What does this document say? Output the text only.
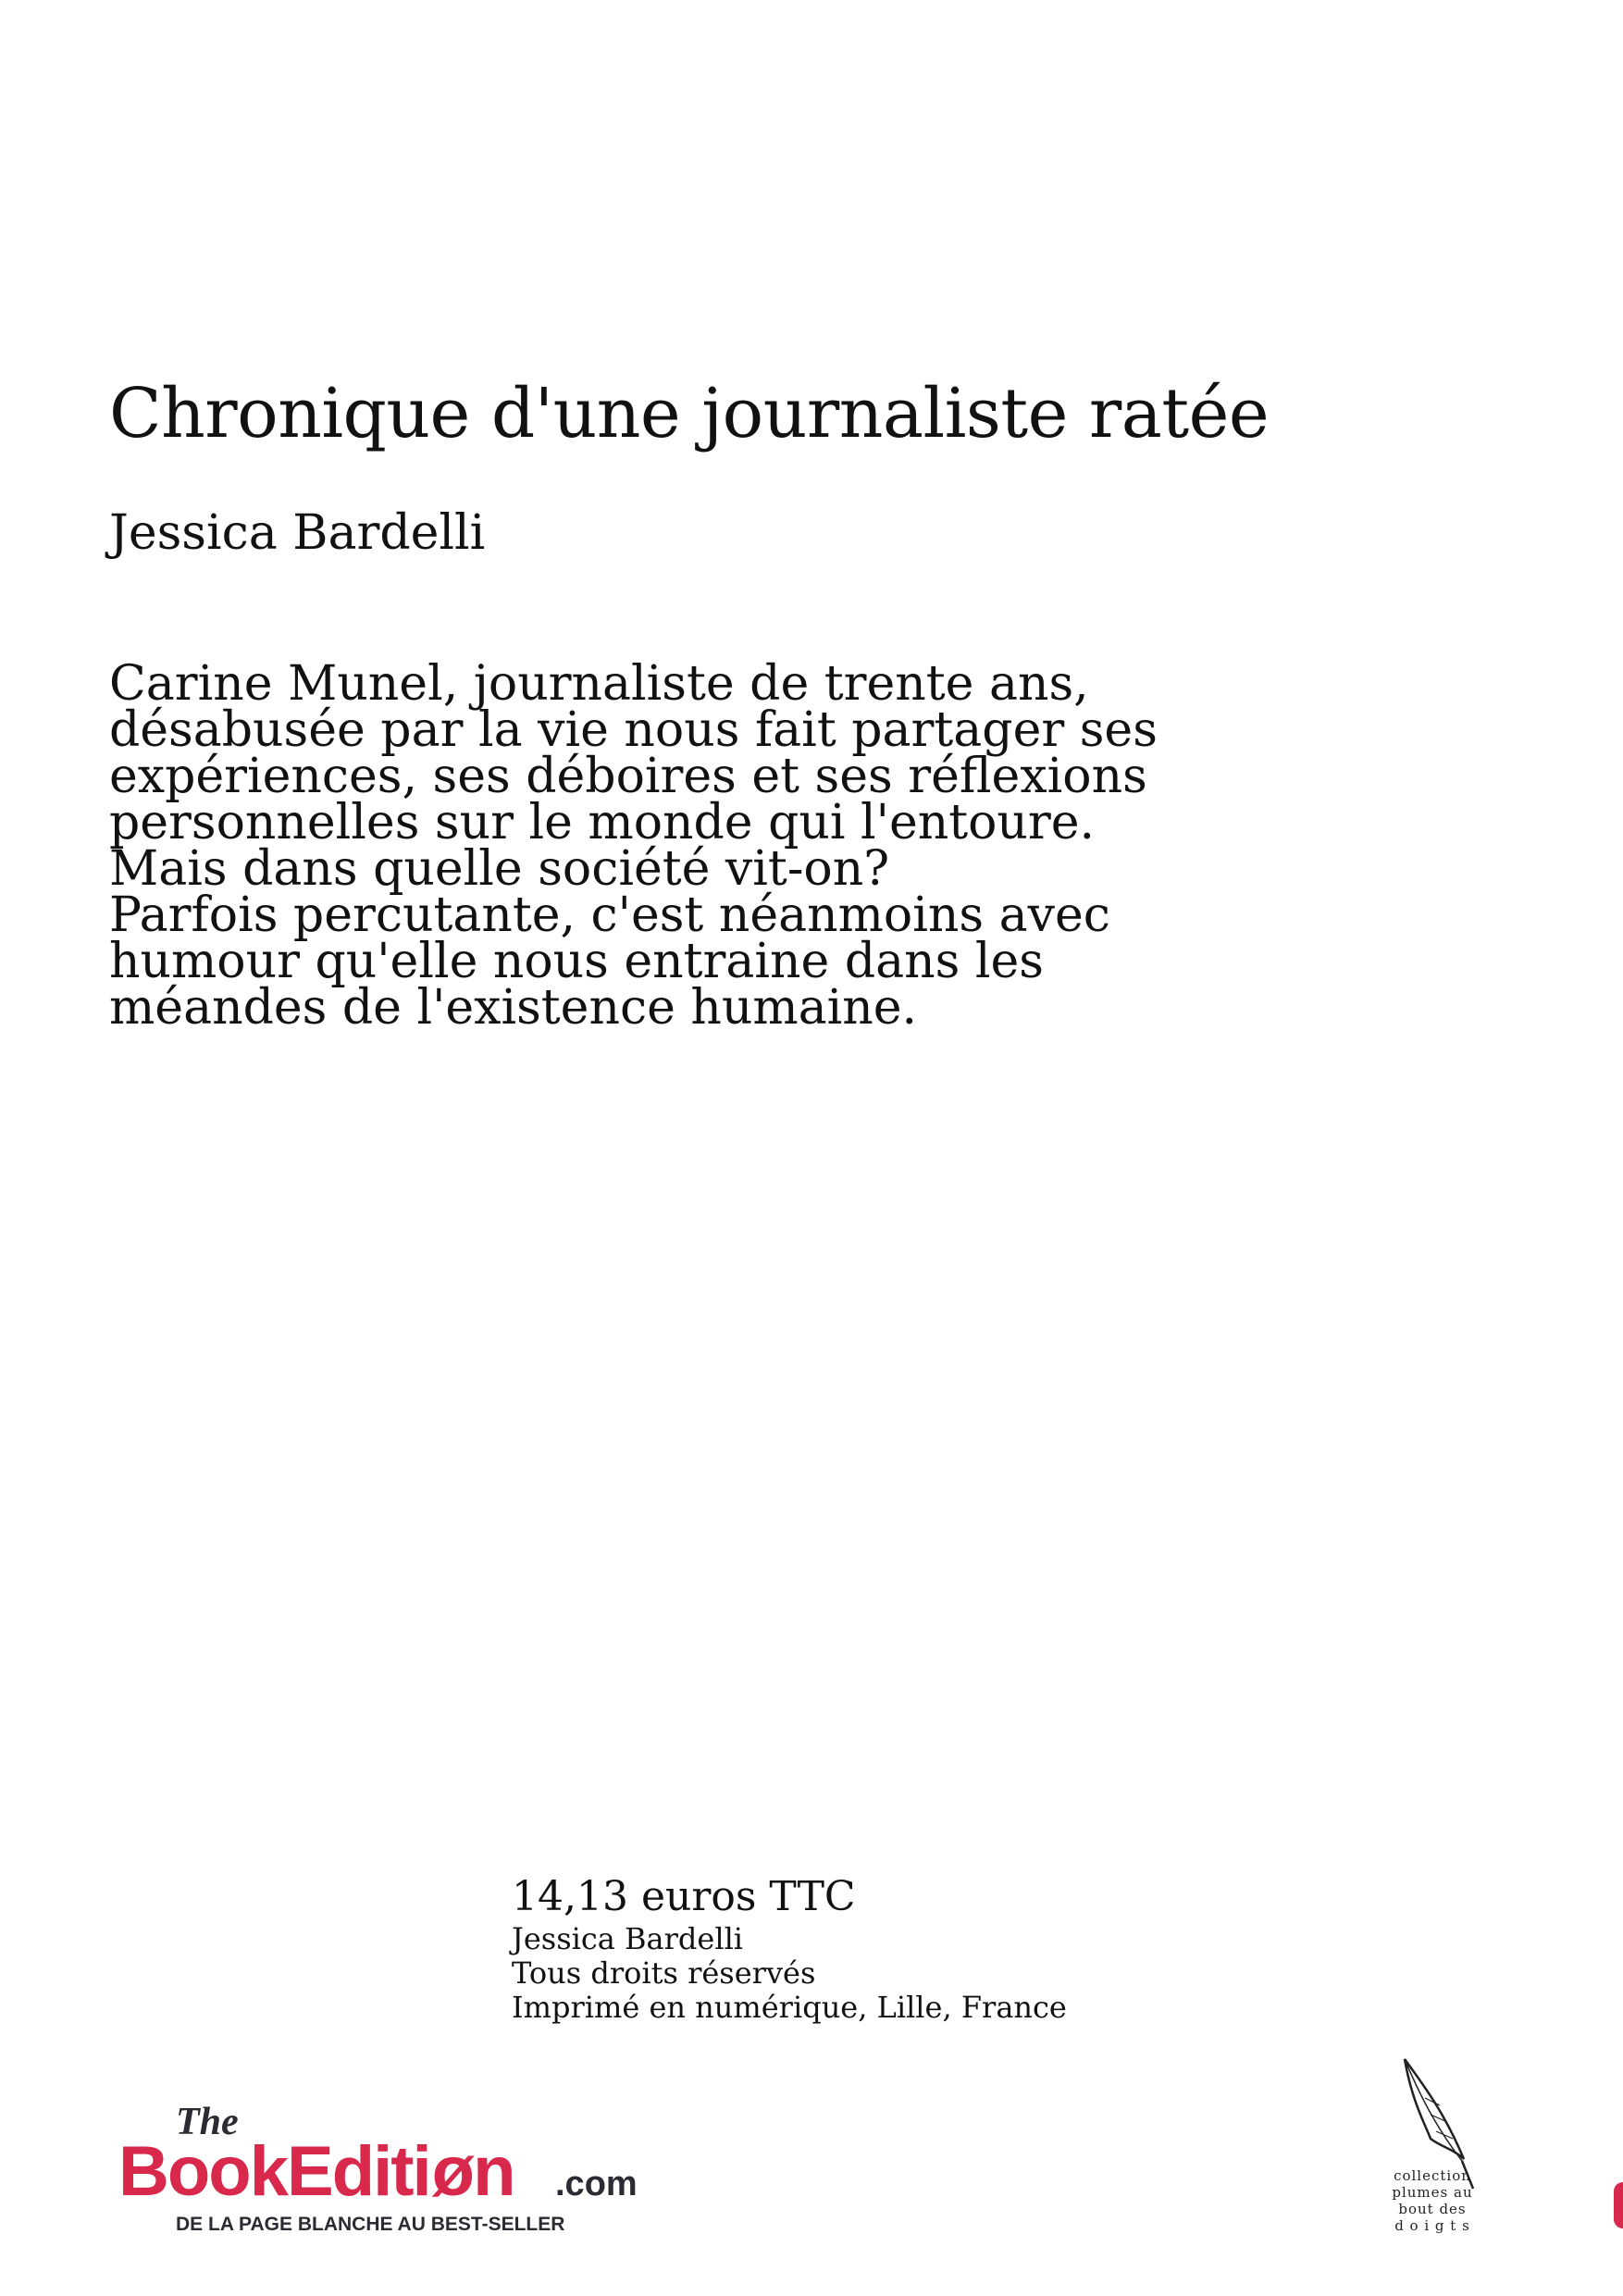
Chronique d'une journaliste ratée
Jessica Bardelli
Carine Munel, journaliste de trente ans,
désabusée par la vie nous fait partager ses
expériences, ses déboires et ses réflexions
personnelles sur le monde qui l'entoure.
Mais dans quelle société vit-on?
Parfois percutante, c'est néanmoins avec
humour qu'elle nous entraine dans les
méandes de l'existence humaine.
14,13 euros TTC
Jessica Bardelli
Tous droits réservés
Imprimé en numérique, Lille, France
The
BookEditiøn .com
DE LA PAGE BLANCHE AU BEST-SELLER
collection
plumes au
bout des
d o i g t s
